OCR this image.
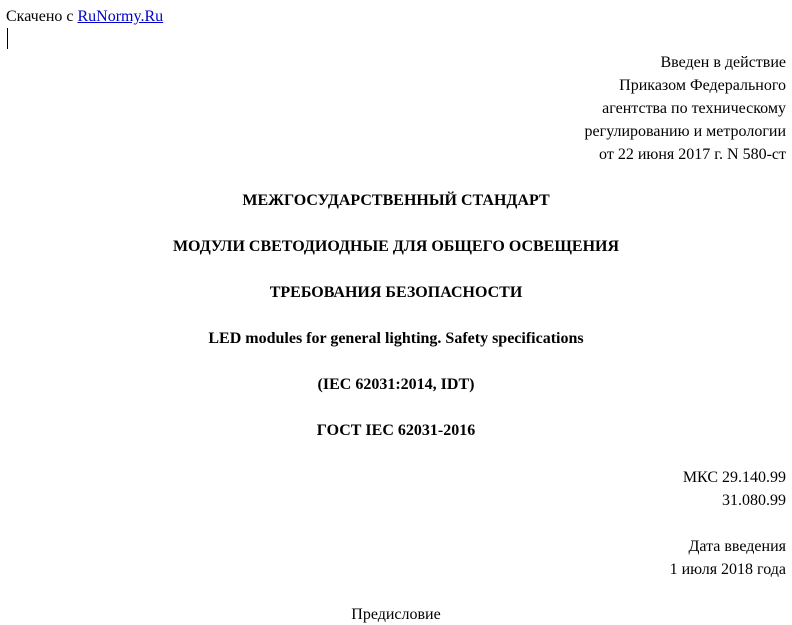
Скачено с RuNormy.Ru
Введен в действие
Приказом Федерального
агентства по техническому
регулированию и метрологии
от 22 июня 2017 г. N 580-ст
МЕЖГОСУДАРСТВЕННЫЙ СТАНДАРТ
МОДУЛИ СВЕТОДИОДНЫЕ ДЛЯ ОБЩЕГО ОСВЕЩЕНИЯ
ТРЕБОВАНИЯ БЕЗОПАСНОСТИ
LED modules for general lighting. Safety specifications
(IEC 62031:2014, IDT)
ГОСТ IEC 62031-2016
МКС 29.140.99
31.080.99
Дата введения
1 июля 2018 года
Предисловие
